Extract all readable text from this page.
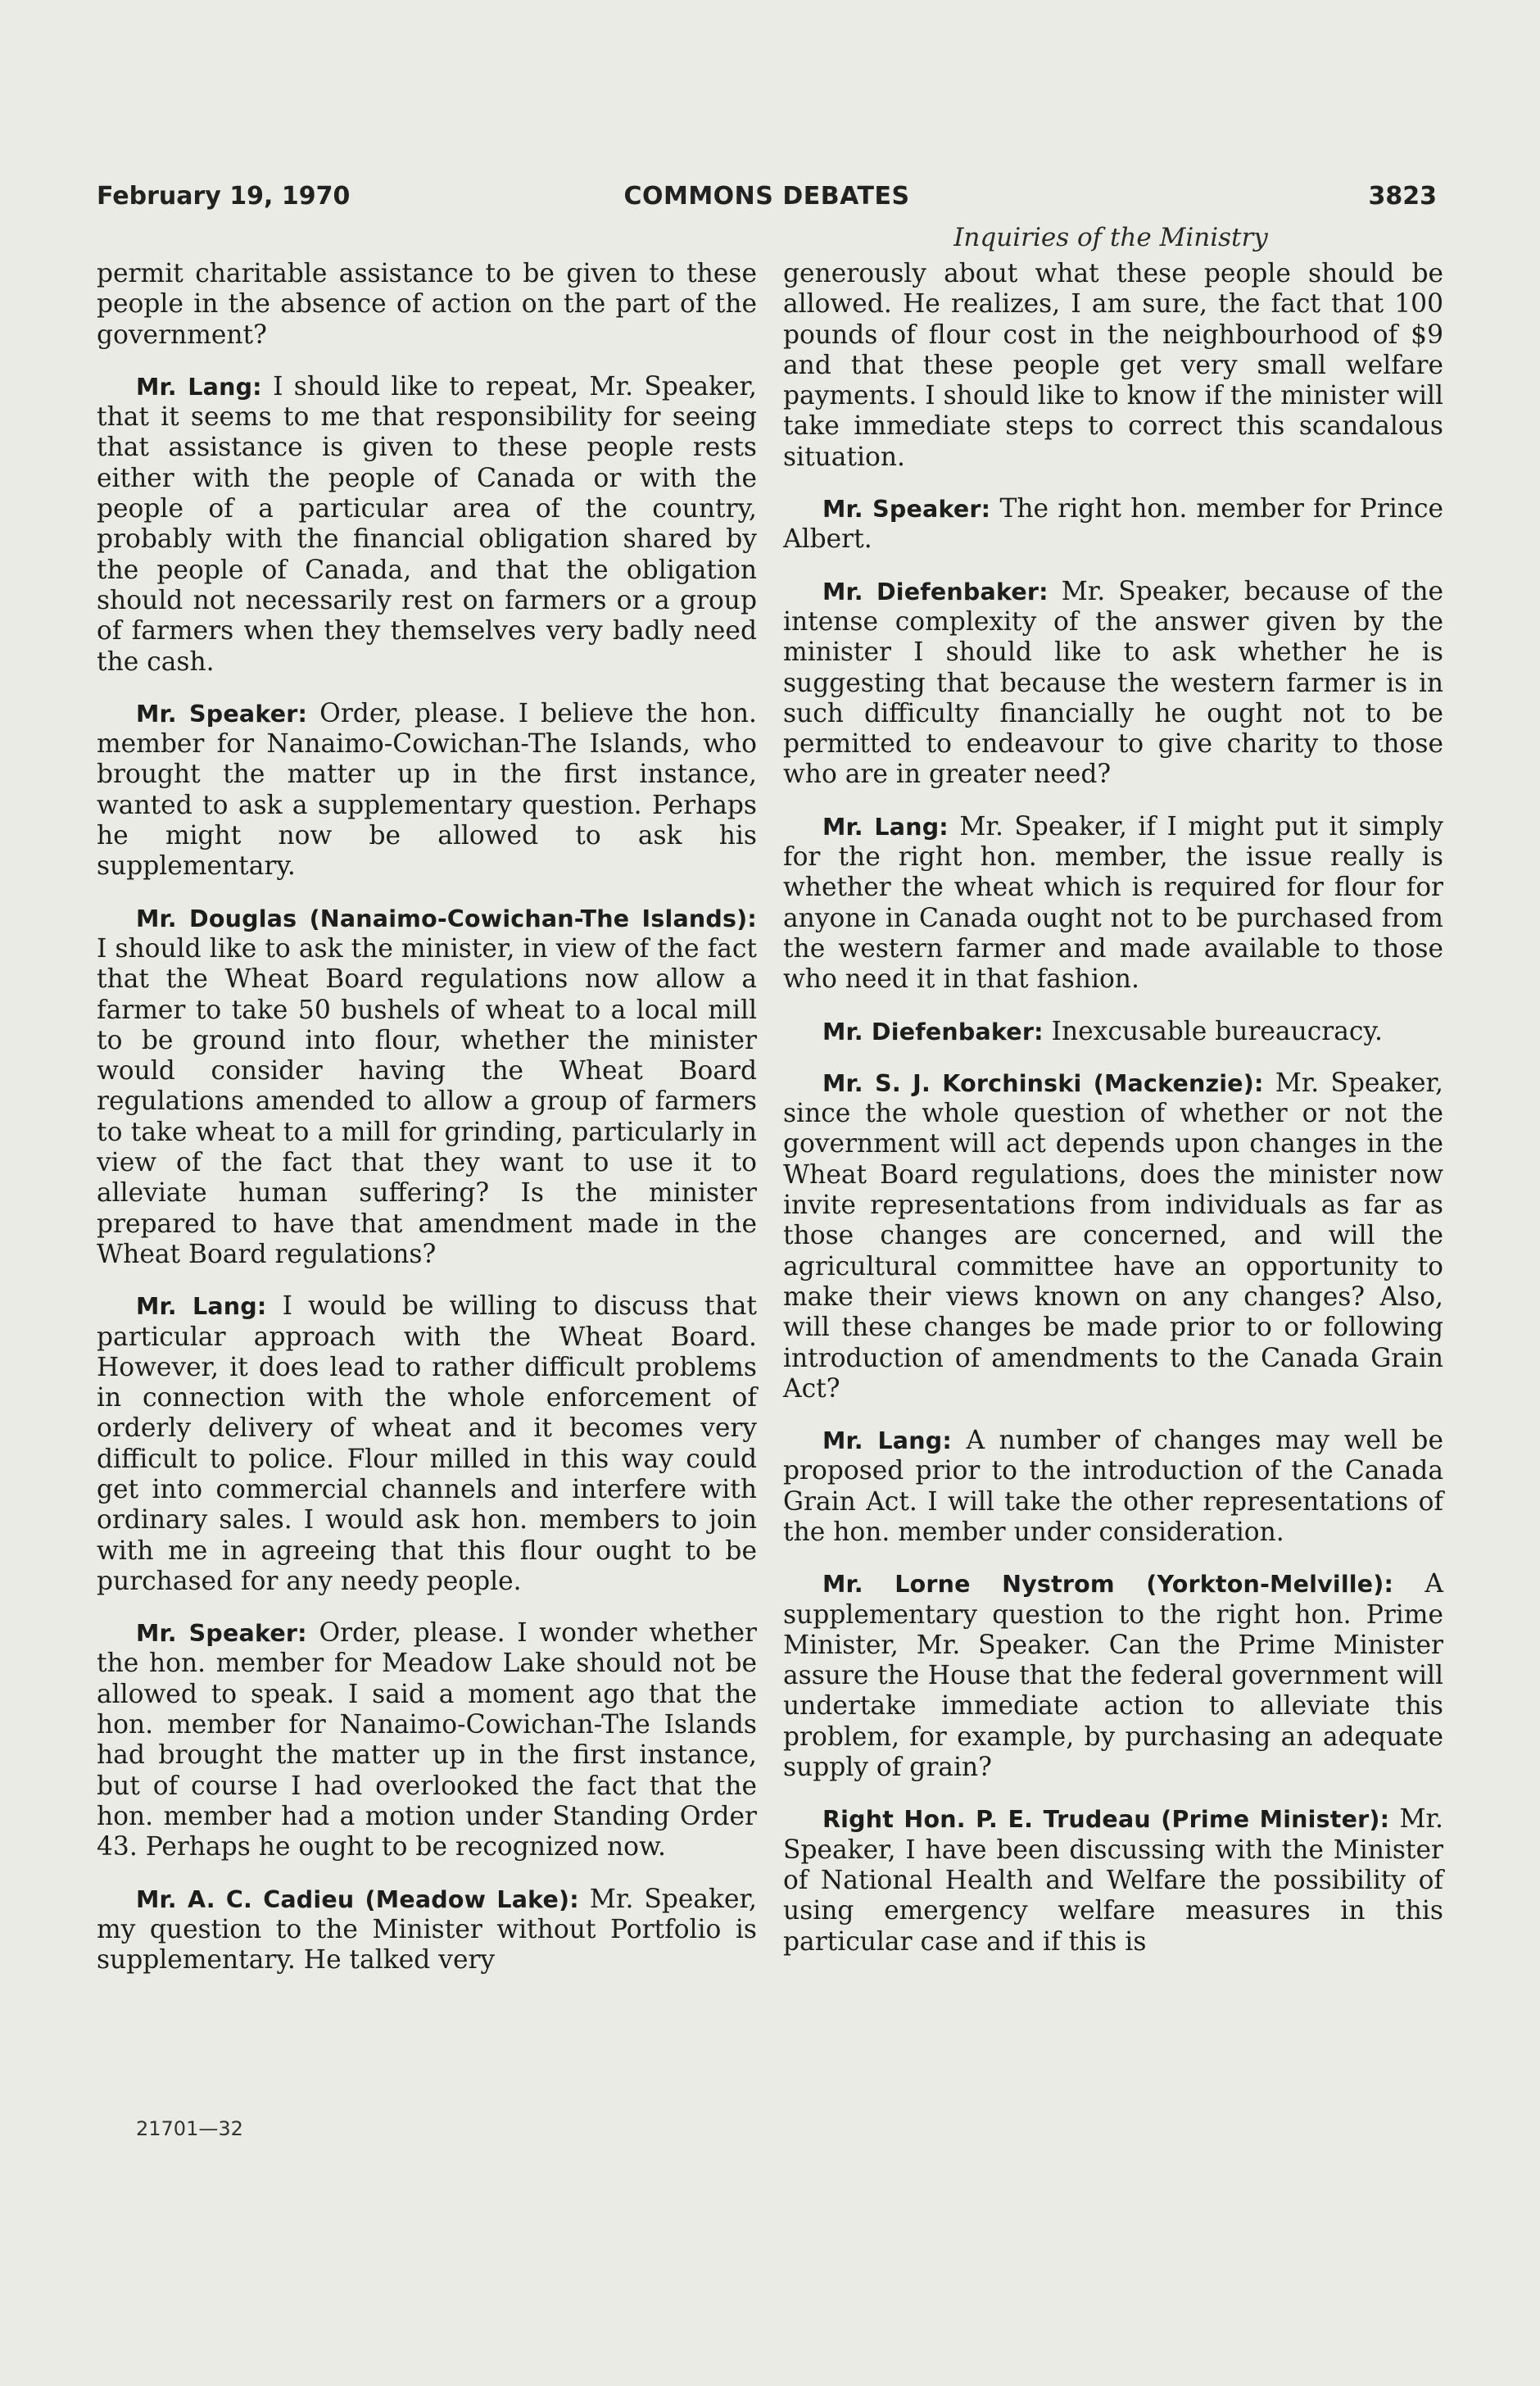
February 19, 1970	COMMONS DEBATES	3823
Inquiries of the Ministry

permit charitable assistance to be given to these people in the absence of action on the part of the government?

Mr. Lang: I should like to repeat, Mr. Speaker, that it seems to me that responsibility for seeing that assistance is given to these people rests either with the people of Canada or with the people of a particular area of the country, probably with the financial obligation shared by the people of Canada, and that the obligation should not necessarily rest on farmers or a group of farmers when they themselves very badly need the cash.

Mr. Speaker: Order, please. I believe the hon. member for Nanaimo-Cowichan-The Islands, who brought the matter up in the first instance, wanted to ask a supplementary question. Perhaps he might now be allowed to ask his supplementary.

Mr. Douglas (Nanaimo-Cowichan-The Islands): I should like to ask the minister, in view of the fact that the Wheat Board regulations now allow a farmer to take 50 bushels of wheat to a local mill to be ground into flour, whether the minister would consider having the Wheat Board regulations amended to allow a group of farmers to take wheat to a mill for grinding, particularly in view of the fact that they want to use it to alleviate human suffering? Is the minister prepared to have that amendment made in the Wheat Board regulations?

Mr. Lang: I would be willing to discuss that particular approach with the Wheat Board. However, it does lead to rather difficult problems in connection with the whole enforcement of orderly delivery of wheat and it becomes very difficult to police. Flour milled in this way could get into commercial channels and interfere with ordinary sales. I would ask hon. members to join with me in agreeing that this flour ought to be purchased for any needy people.

Mr. Speaker: Order, please. I wonder whether the hon. member for Meadow Lake should not be allowed to speak. I said a moment ago that the hon. member for Nanaimo-Cowichan-The Islands had brought the matter up in the first instance, but of course I had overlooked the fact that the hon. member had a motion under Standing Order 43. Perhaps he ought to be recognized now.

Mr. A. C. Cadieu (Meadow Lake): Mr. Speaker, my question to the Minister without Portfolio is supplementary. He talked very

generously about what these people should be allowed. He realizes, I am sure, the fact that 100 pounds of flour cost in the neighbourhood of $9 and that these people get very small welfare payments. I should like to know if the minister will take immediate steps to correct this scandalous situation.

Mr. Speaker: The right hon. member for Prince Albert.

Mr. Diefenbaker: Mr. Speaker, because of the intense complexity of the answer given by the minister I should like to ask whether he is suggesting that because the western farmer is in such difficulty financially he ought not to be permitted to endeavour to give charity to those who are in greater need?

Mr. Lang: Mr. Speaker, if I might put it simply for the right hon. member, the issue really is whether the wheat which is required for flour for anyone in Canada ought not to be purchased from the western farmer and made available to those who need it in that fashion.

Mr. Diefenbaker: Inexcusable bureaucracy.

Mr. S. J. Korchinski (Mackenzie): Mr. Speaker, since the whole question of whether or not the government will act depends upon changes in the Wheat Board regulations, does the minister now invite representations from individuals as far as those changes are concerned, and will the agricultural committee have an opportunity to make their views known on any changes? Also, will these changes be made prior to or following introduction of amendments to the Canada Grain Act?

Mr. Lang: A number of changes may well be proposed prior to the introduction of the Canada Grain Act. I will take the other representations of the hon. member under consideration.

Mr. Lorne Nystrom (Yorkton-Melville): A supplementary question to the right hon. Prime Minister, Mr. Speaker. Can the Prime Minister assure the House that the federal government will undertake immediate action to alleviate this problem, for example, by purchasing an adequate supply of grain?

Right Hon. P. E. Trudeau (Prime Minister): Mr. Speaker, I have been discussing with the Minister of National Health and Welfare the possibility of using emergency welfare measures in this particular case and if this is

21701—32
